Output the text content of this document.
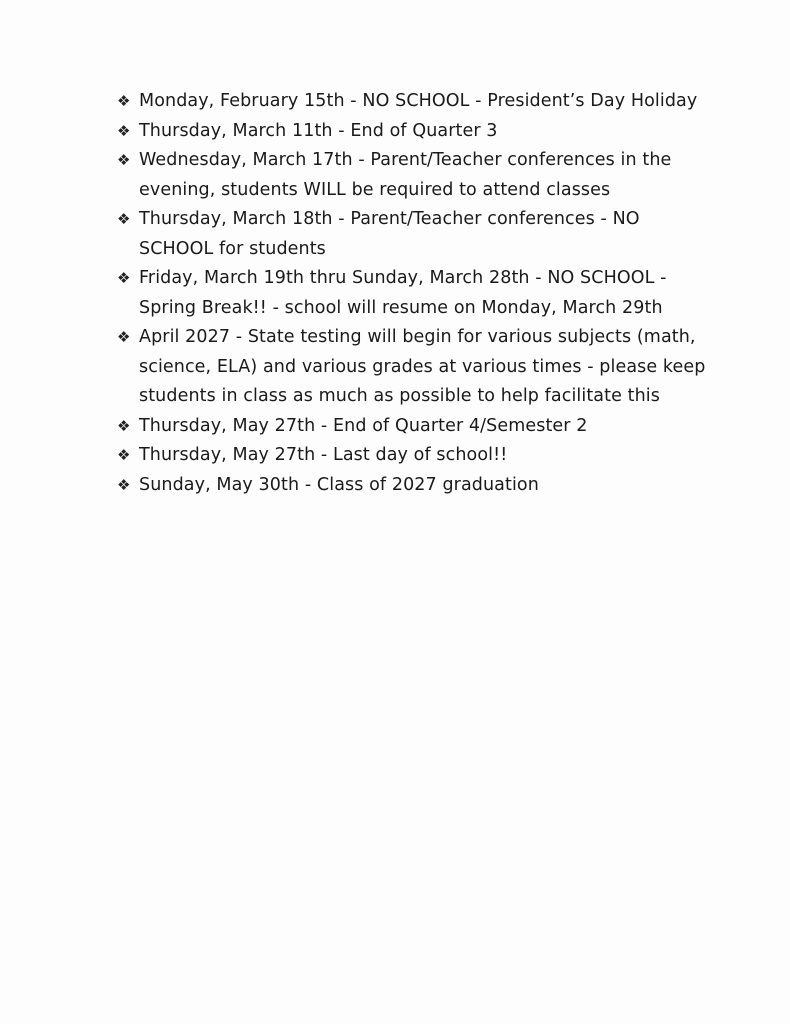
❖ Monday, February 15th - NO SCHOOL - President’s Day Holiday
❖ Thursday, March 11th - End of Quarter 3
❖ Wednesday, March 17th - Parent/Teacher conferences in the evening, students WILL be required to attend classes
❖ Thursday, March 18th - Parent/Teacher conferences - NO SCHOOL for students
❖ Friday, March 19th thru Sunday, March 28th - NO SCHOOL - Spring Break!! - school will resume on Monday, March 29th
❖ April 2027 - State testing will begin for various subjects (math, science, ELA) and various grades at various times - please keep students in class as much as possible to help facilitate this
❖ Thursday, May 27th - End of Quarter 4/Semester 2
❖ Thursday, May 27th - Last day of school!!
❖ Sunday, May 30th - Class of 2027 graduation
